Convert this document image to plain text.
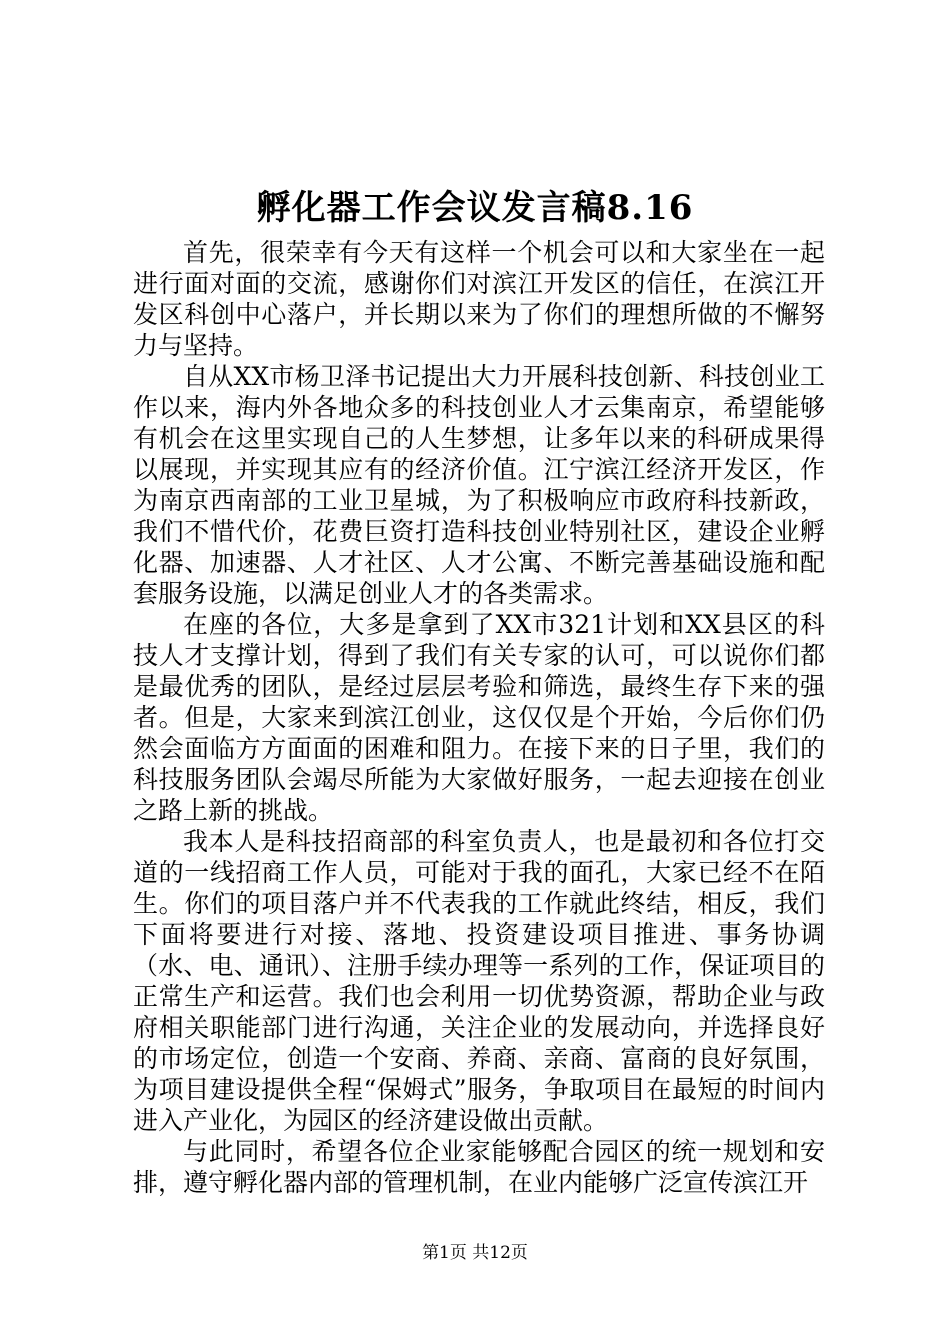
孵化器工作会议发言稿8.16

首先，很荣幸有今天有这样一个机会可以和大家坐在一起进行面对面的交流，感谢你们对滨江开发区的信任，在滨江开发区科创中心落户，并长期以来为了你们的理想所做的不懈努力与坚持。

自从XX市杨卫泽书记提出大力开展科技创新、科技创业工作以来，海内外各地众多的科技创业人才云集南京，希望能够有机会在这里实现自己的人生梦想，让多年以来的科研成果得以展现，并实现其应有的经济价值。江宁滨江经济开发区，作为南京西南部的工业卫星城，为了积极响应市政府科技新政，我们不惜代价，花费巨资打造科技创业特别社区，建设企业孵化器、加速器、人才社区、人才公寓、不断完善基础设施和配套服务设施，以满足创业人才的各类需求。

在座的各位，大多是拿到了XX市321计划和XX县区的科技人才支撑计划，得到了我们有关专家的认可，可以说你们都是最优秀的团队，是经过层层考验和筛选，最终生存下来的强者。但是，大家来到滨江创业，这仅仅是个开始，今后你们仍然会面临方方面面的困难和阻力。在接下来的日子里，我们的科技服务团队会竭尽所能为大家做好服务，一起去迎接在创业之路上新的挑战。

我本人是科技招商部的科室负责人，也是最初和各位打交道的一线招商工作人员，可能对于我的面孔，大家已经不在陌生。你们的项目落户并不代表我的工作就此终结，相反，我们下面将要进行对接、落地、投资建设项目推进、事务协调（水、电、通讯）、注册手续办理等一系列的工作，保证项目的正常生产和运营。我们也会利用一切优势资源，帮助企业与政府相关职能部门进行沟通，关注企业的发展动向，并选择良好的市场定位，创造一个安商、养商、亲商、富商的良好氛围，为项目建设提供全程“保姆式”服务，争取项目在最短的时间内进入产业化，为园区的经济建设做出贡献。

与此同时，希望各位企业家能够配合园区的统一规划和安排，遵守孵化器内部的管理机制，在业内能够广泛宣传滨江开

第1页 共12页
